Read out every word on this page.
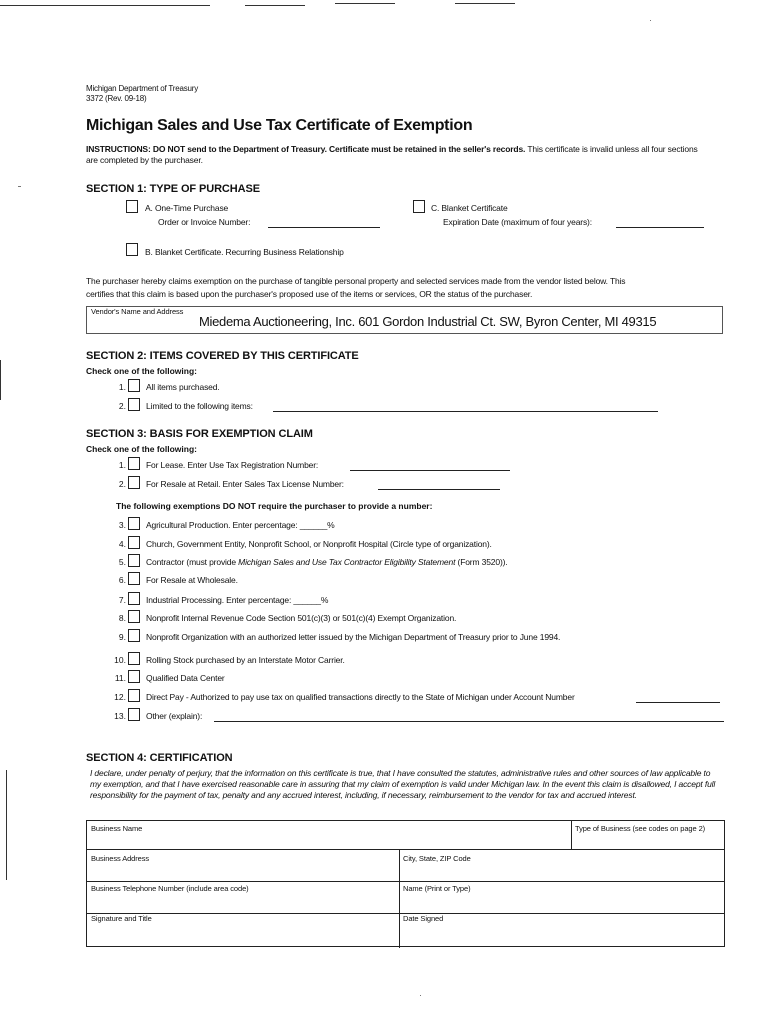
Michigan Department of Treasury
3372 (Rev. 09-18)
Michigan Sales and Use Tax Certificate of Exemption
INSTRUCTIONS: DO NOT send to the Department of Treasury. Certificate must be retained in the seller's records. This certificate is invalid unless all four sections are completed by the purchaser.
SECTION 1: TYPE OF PURCHASE
A. One-Time Purchase
Order or Invoice Number:
C. Blanket Certificate
Expiration Date (maximum of four years):
B. Blanket Certificate. Recurring Business Relationship
The purchaser hereby claims exemption on the purchase of tangible personal property and selected services made from the vendor listed below. This
certifies that this claim is based upon the purchaser's proposed use of the items or services, OR the status of the purchaser.
Vendor's Name and Address
Miedema Auctioneering, Inc. 601 Gordon Industrial Ct. SW, Byron Center, MI 49315
SECTION 2: ITEMS COVERED BY THIS CERTIFICATE
Check one of the following:
1. All items purchased.
2. Limited to the following items:
SECTION 3: BASIS FOR EXEMPTION CLAIM
Check one of the following:
1. For Lease. Enter Use Tax Registration Number:
2. For Resale at Retail. Enter Sales Tax License Number:
The following exemptions DO NOT require the purchaser to provide a number:
3. Agricultural Production. Enter percentage: ______%
4. Church, Government Entity, Nonprofit School, or Nonprofit Hospital (Circle type of organization).
5. Contractor (must provide Michigan Sales and Use Tax Contractor Eligibility Statement (Form 3520)).
6. For Resale at Wholesale.
7. Industrial Processing. Enter percentage: ______%
8. Nonprofit Internal Revenue Code Section 501(c)(3) or 501(c)(4) Exempt Organization.
9. Nonprofit Organization with an authorized letter issued by the Michigan Department of Treasury prior to June 1994.
10. Rolling Stock purchased by an Interstate Motor Carrier.
11. Qualified Data Center
12. Direct Pay - Authorized to pay use tax on qualified transactions directly to the State of Michigan under Account Number
13. Other (explain):
SECTION 4: CERTIFICATION
I declare, under penalty of perjury, that the information on this certificate is true, that I have consulted the statutes, administrative rules and other sources of law applicable to my exemption, and that I have exercised reasonable care in assuring that my claim of exemption is valid under Michigan law. In the event this claim is disallowed, I accept full responsibility for the payment of tax, penalty and any accrued interest, including, if necessary, reimbursement to the vendor for tax and accrued interest.
Business Name	Type of Business (see codes on page 2)
Business Address	City, State, ZIP Code
Business Telephone Number (include area code)	Name (Print or Type)
Signature and Title	Date Signed
